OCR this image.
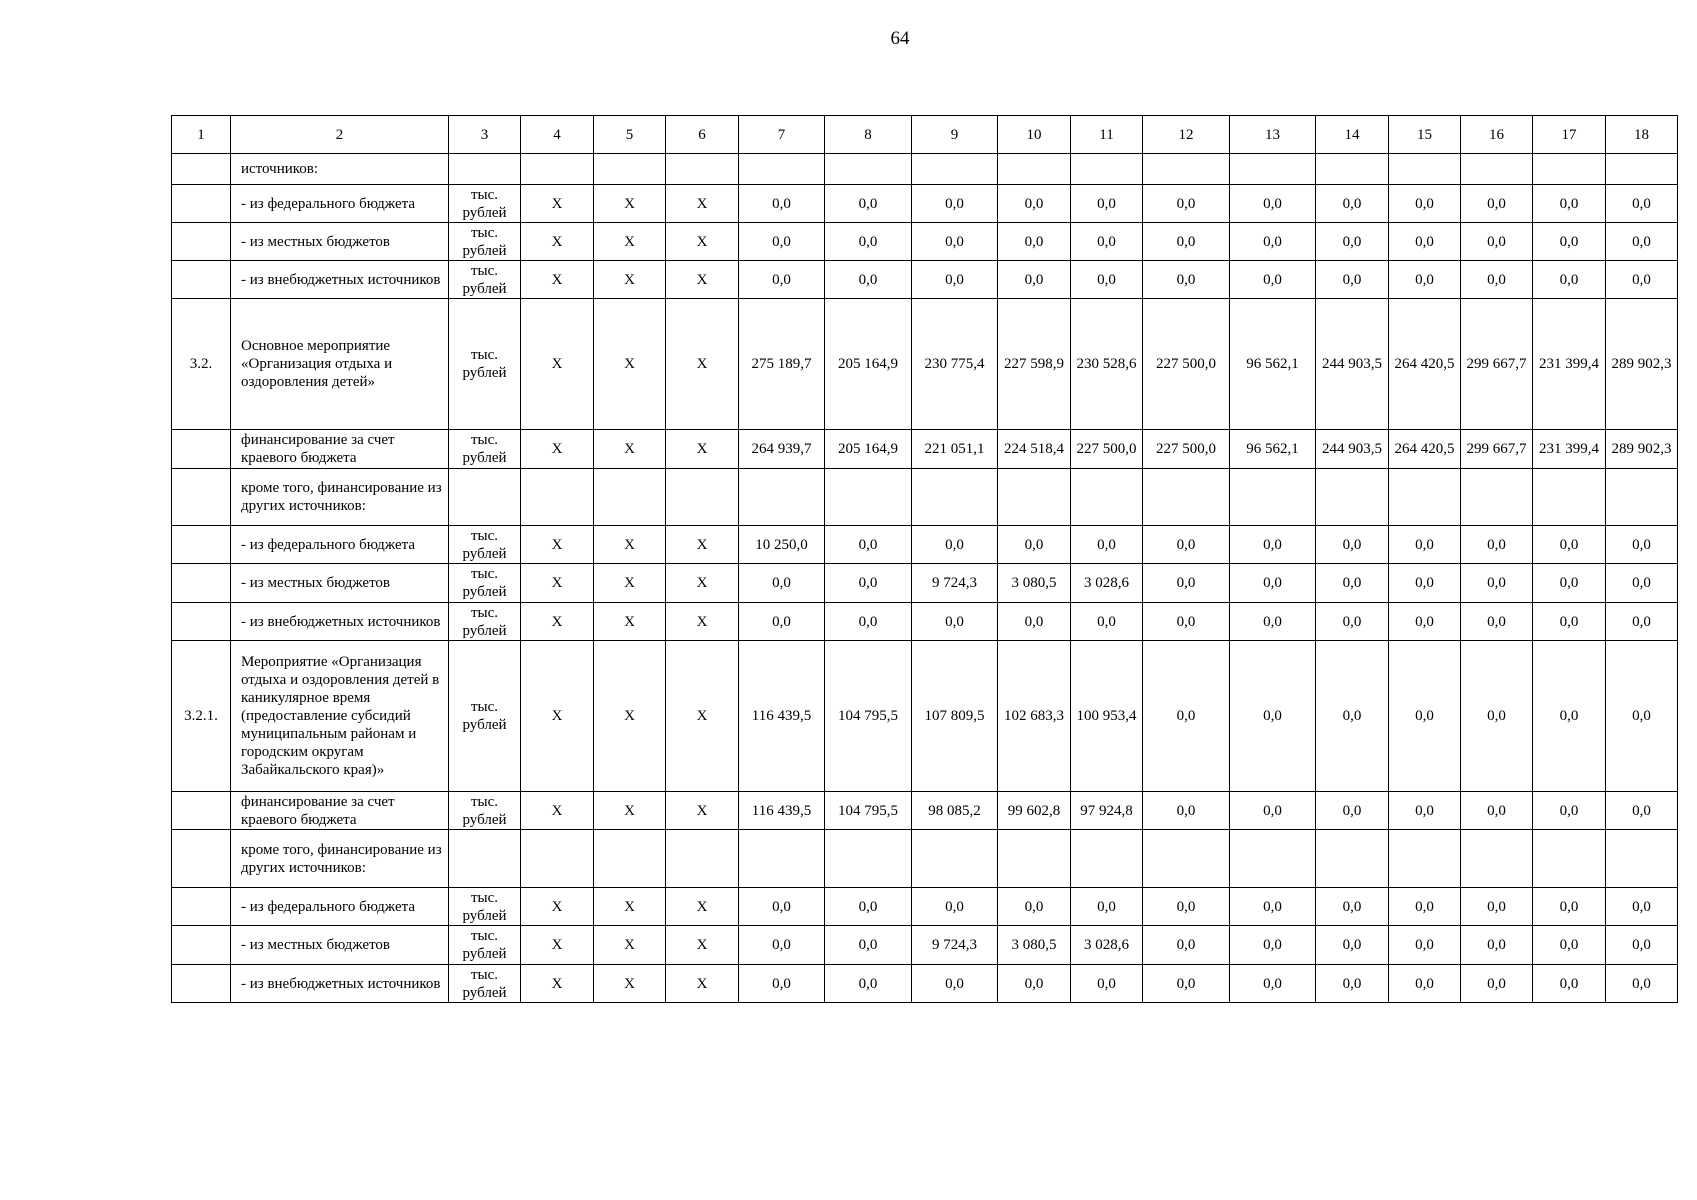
64
1	2	3	4	5	6	7	8	9	10	11	12	13	14	15	16	17	18
	источников:																
	- из федерального бюджета	тыс. рублей	X	X	X	0,0	0,0	0,0	0,0	0,0	0,0	0,0	0,0	0,0	0,0	0,0	0,0
	- из местных бюджетов	тыс. рублей	X	X	X	0,0	0,0	0,0	0,0	0,0	0,0	0,0	0,0	0,0	0,0	0,0	0,0
	- из внебюджетных источников	тыс. рублей	X	X	X	0,0	0,0	0,0	0,0	0,0	0,0	0,0	0,0	0,0	0,0	0,0	0,0
3.2.	Основное мероприятие «Организация отдыха и оздоровления детей»	тыс. рублей	X	X	X	275 189,7	205 164,9	230 775,4	227 598,9	230 528,6	227 500,0	96 562,1	244 903,5	264 420,5	299 667,7	231 399,4	289 902,3
	финансирование за счет краевого бюджета	тыс. рублей	X	X	X	264 939,7	205 164,9	221 051,1	224 518,4	227 500,0	227 500,0	96 562,1	244 903,5	264 420,5	299 667,7	231 399,4	289 902,3
	кроме того, финансирование из других источников:																
	- из федерального бюджета	тыс. рублей	X	X	X	10 250,0	0,0	0,0	0,0	0,0	0,0	0,0	0,0	0,0	0,0	0,0	0,0
	- из местных бюджетов	тыс. рублей	X	X	X	0,0	0,0	9 724,3	3 080,5	3 028,6	0,0	0,0	0,0	0,0	0,0	0,0	0,0
	- из внебюджетных источников	тыс. рублей	X	X	X	0,0	0,0	0,0	0,0	0,0	0,0	0,0	0,0	0,0	0,0	0,0	0,0
3.2.1.	Мероприятие «Организация отдыха и оздоровления детей в каникулярное время (предоставление субсидий муниципальным районам и городским округам Забайкальского края)»	тыс. рублей	X	X	X	116 439,5	104 795,5	107 809,5	102 683,3	100 953,4	0,0	0,0	0,0	0,0	0,0	0,0	0,0
	финансирование за счет краевого бюджета	тыс. рублей	X	X	X	116 439,5	104 795,5	98 085,2	99 602,8	97 924,8	0,0	0,0	0,0	0,0	0,0	0,0	0,0
	кроме того, финансирование из других источников:																
	- из федерального бюджета	тыс. рублей	X	X	X	0,0	0,0	0,0	0,0	0,0	0,0	0,0	0,0	0,0	0,0	0,0	0,0
	- из местных бюджетов	тыс. рублей	X	X	X	0,0	0,0	9 724,3	3 080,5	3 028,6	0,0	0,0	0,0	0,0	0,0	0,0	0,0
	- из внебюджетных источников	тыс. рублей	X	X	X	0,0	0,0	0,0	0,0	0,0	0,0	0,0	0,0	0,0	0,0	0,0	0,0
